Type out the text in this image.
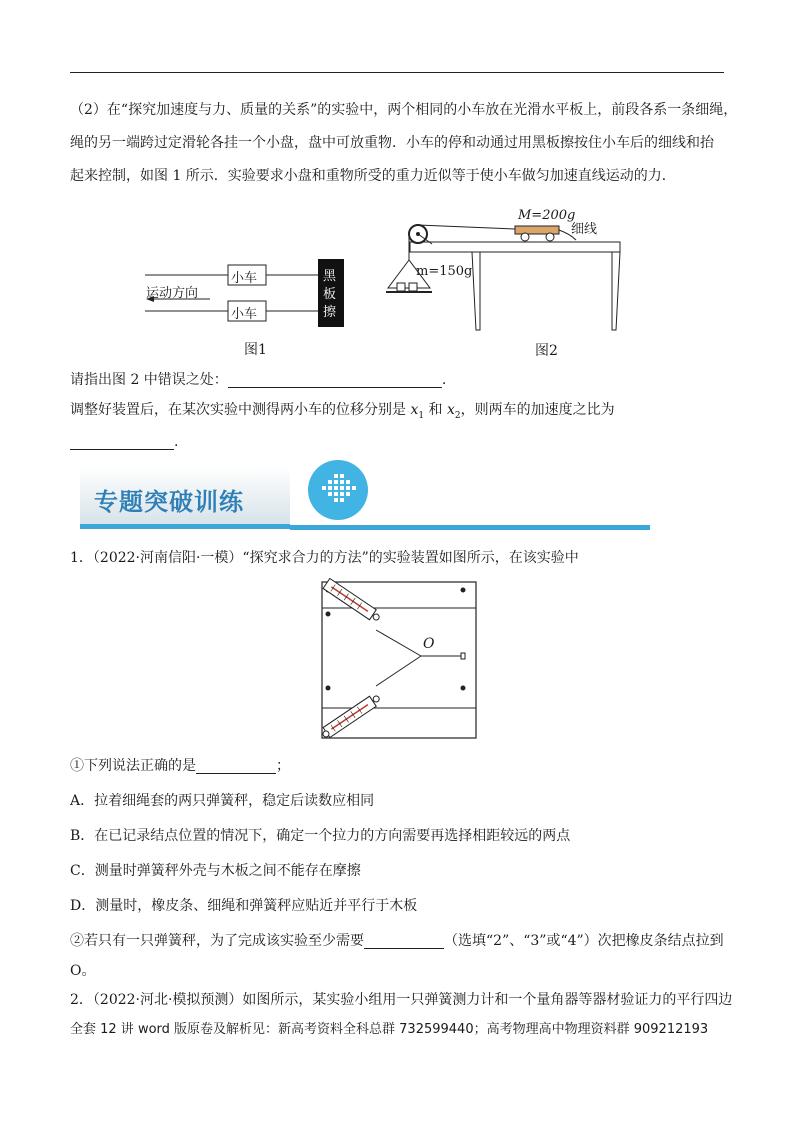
（2）在“探究加速度与力、质量的关系”的实验中，两个相同的小车放在光滑水平板上，前段各系一条细绳，

绳的另一端跨过定滑轮各挂一个小盘，盘中可放重物．小车的停和动通过用黑板擦按住小车后的细线和抬

起来控制，如图 1 所示．实验要求小盘和重物所受的重力近似等于使小车做匀加速直线运动的力．

小车
小车
运动方向
黑
板
擦
图1
M=200g
细线
m=150g
图2

请指出图 2 中错误之处：	.

调整好装置后，在某次实验中测得两小车的位移分别是 $x_1$ 和 $x_2$，则两车的加速度之比为

.

专题突破训练

1．（2022·河南信阳·一模）“探究求合力的方法”的实验装置如图所示，在该实验中

O

①下列说法正确的是	；

A．拉着细绳套的两只弹簧秤，稳定后读数应相同

B．在已记录结点位置的情况下，确定一个拉力的方向需要再选择相距较远的两点

C．测量时弹簧秤外壳与木板之间不能存在摩擦

D．测量时，橡皮条、细绳和弹簧秤应贴近并平行于木板

②若只有一只弹簧秤，为了完成该实验至少需要	（选填“2”、“3”或“4”）次把橡皮条结点拉到

O。

2．（2022·河北·模拟预测）如图所示，某实验小组用一只弹簧测力计和一个量角器等器材验证力的平行四边

全套 12 讲 word 版原卷及解析见：新高考资料全科总群 732599440；高考物理高中物理资料群 909212193
